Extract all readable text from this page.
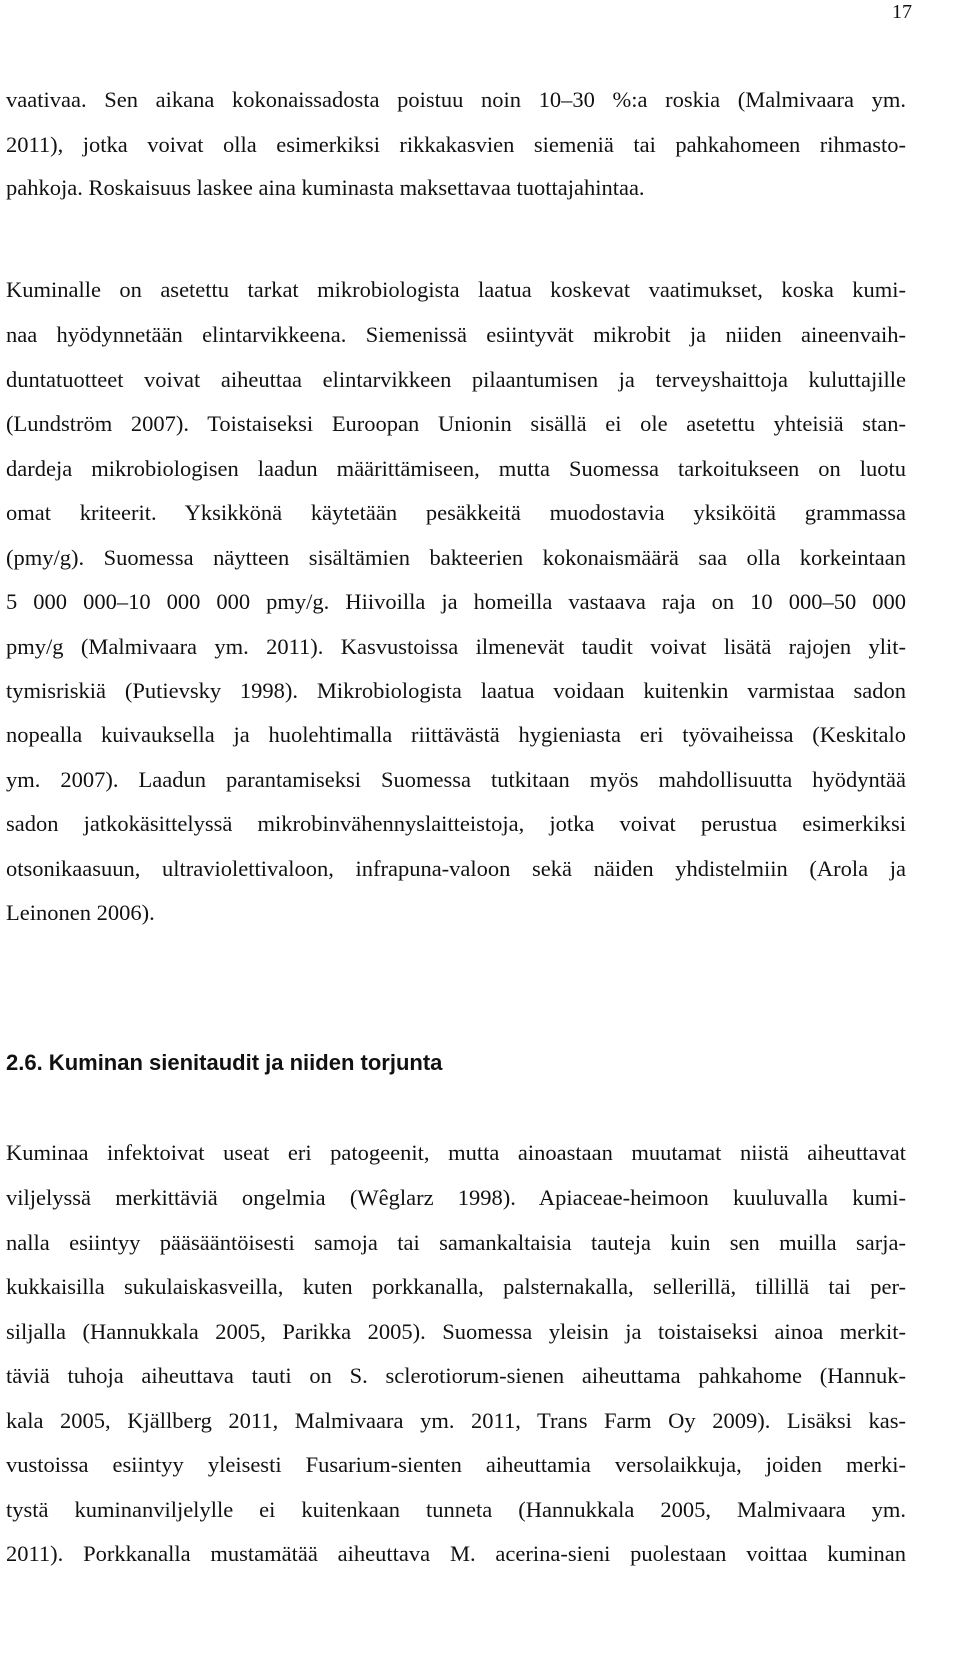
17
vaativaa. Sen aikana kokonaissadosta poistuu noin 10–30 %:a roskia (Malmivaara ym.
2011), jotka voivat olla esimerkiksi rikkakasvien siemeniä tai pahkahomeen rihmasto-
pahkoja. Roskaisuus laskee aina kuminasta maksettavaa tuottajahintaa.
Kuminalle on asetettu tarkat mikrobiologista laatua koskevat vaatimukset, koska kumi-
naa hyödynnetään elintarvikkeena. Siemenissä esiintyvät mikrobit ja niiden aineenvaih-
duntatuotteet voivat aiheuttaa elintarvikkeen pilaantumisen ja terveyshaittoja kuluttajille
(Lundström 2007). Toistaiseksi Euroopan Unionin sisällä ei ole asetettu yhteisiä stan-
dardeja mikrobiologisen laadun määrittämiseen, mutta Suomessa tarkoitukseen on luotu
omat kriteerit. Yksikkönä käytetään pesäkkeitä muodostavia yksiköitä grammassa
(pmy/g). Suomessa näytteen sisältämien bakteerien kokonaismäärä saa olla korkeintaan
5 000 000–10 000 000 pmy/g. Hiivoilla ja homeilla vastaava raja on 10 000–50 000
pmy/g (Malmivaara ym. 2011). Kasvustoissa ilmenevät taudit voivat lisätä rajojen ylit-
tymisriskiä (Putievsky 1998). Mikrobiologista laatua voidaan kuitenkin varmistaa sadon
nopealla kuivauksella ja huolehtimalla riittävästä hygieniasta eri työvaiheissa (Keskitalo
ym. 2007). Laadun parantamiseksi Suomessa tutkitaan myös mahdollisuutta hyödyntää
sadon jatkokäsittelyssä mikrobinvähennyslaitteistoja, jotka voivat perustua esimerkiksi
otsonikaasuun, ultraviolettivaloon, infrapuna-valoon sekä näiden yhdistelmiin (Arola ja
Leinonen 2006).
2.6. Kuminan sienitaudit ja niiden torjunta
Kuminaa infektoivat useat eri patogeenit, mutta ainoastaan muutamat niistä aiheuttavat
viljelyssä merkittäviä ongelmia (Wêglarz 1998). Apiaceae-heimoon kuuluvalla kumi-
nalla esiintyy pääsääntöisesti samoja tai samankaltaisia tauteja kuin sen muilla sarja-
kukkaisilla sukulaiskasveilla, kuten porkkanalla, palsternakalla, sellerillä, tillillä tai per-
siljalla (Hannukkala 2005, Parikka 2005). Suomessa yleisin ja toistaiseksi ainoa merkit-
täviä tuhoja aiheuttava tauti on S. sclerotiorum-sienen aiheuttama pahkahome (Hannuk-
kala 2005, Kjällberg 2011, Malmivaara ym. 2011, Trans Farm Oy 2009). Lisäksi kas-
vustoissa esiintyy yleisesti Fusarium-sienten aiheuttamia versolaikkuja, joiden merki-
tystä kuminanviljelylle ei kuitenkaan tunneta (Hannukkala 2005, Malmivaara ym.
2011). Porkkanalla mustamätää aiheuttava M. acerina-sieni puolestaan voittaa kuminan
